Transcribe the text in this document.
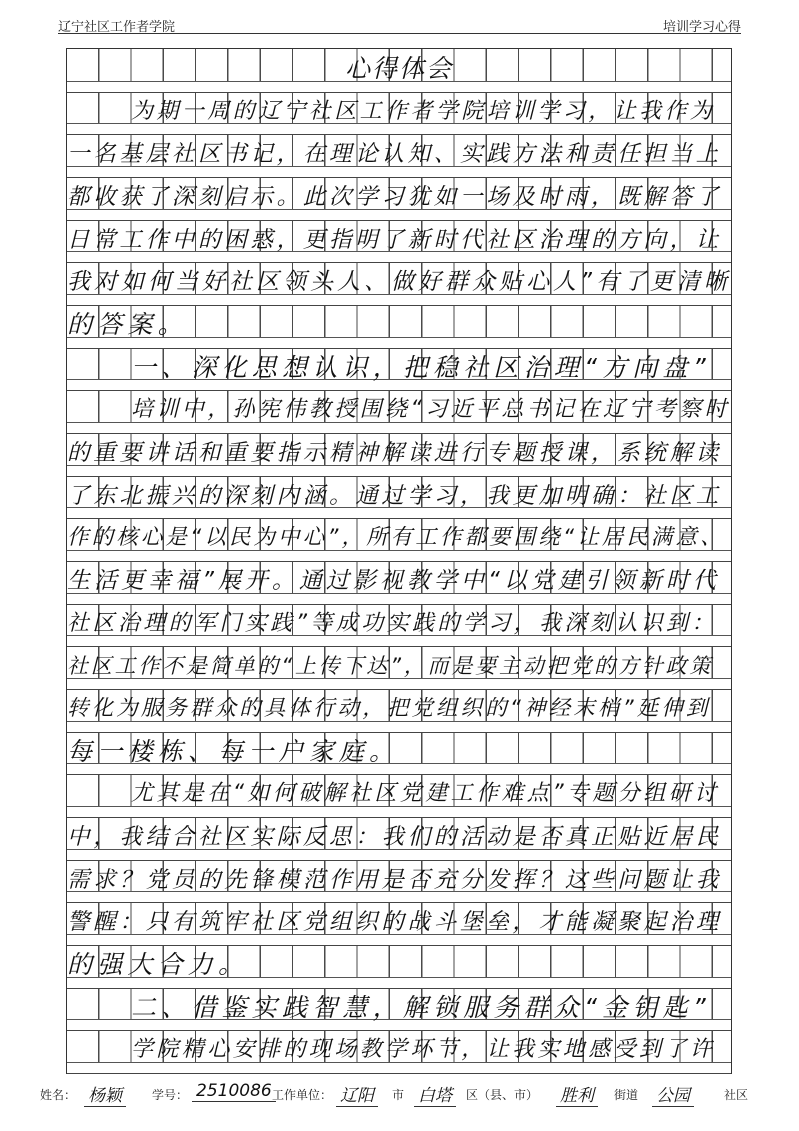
辽宁社区工作者学院	培训学习心得
心得体会
为期一周的辽宁社区工作者学院培训学习，让我作为
一名基层社区书记，在理论认知、实践方法和责任担当上
都收获了深刻启示。此次学习犹如一场及时雨，既解答了
日常工作中的困惑，更指明了新时代社区治理的方向，让
我对如何当好社区领头人、做好群众贴心人”有了更清晰
的答案。
一、深化思想认识，把稳社区治理“方向盘”
培训中，孙宪伟教授围绕“习近平总书记在辽宁考察时
的重要讲话和重要指示精神解读进行专题授课，系统解读
了东北振兴的深刻内涵。通过学习，我更加明确：社区工
作的核心是“以民为中心”，所有工作都要围绕“让居民满意、
生活更幸福”展开。通过影视教学中“以党建引领新时代
社区治理的军门实践”等成功实践的学习，我深刻认识到：
社区工作不是简单的“上传下达”，而是要主动把党的方针政策
转化为服务群众的具体行动，把党组织的“神经末梢”延伸到
每一楼栋、每一户家庭。
尤其是在“如何破解社区党建工作难点”专题分组研讨
中，我结合社区实际反思：我们的活动是否真正贴近居民
需求？党员的先锋模范作用是否充分发挥？这些问题让我
警醒：只有筑牢社区党组织的战斗堡垒，才能凝聚起治理
的强大合力。
二、借鉴实践智慧，解锁服务群众“金钥匙”
学院精心安排的现场教学环节，让我实地感受到了许
姓名： 杨颖	学号： 2510086 工作单位： 辽阳	市 白塔	区（县、市） 胜利	街道 公园	社区
